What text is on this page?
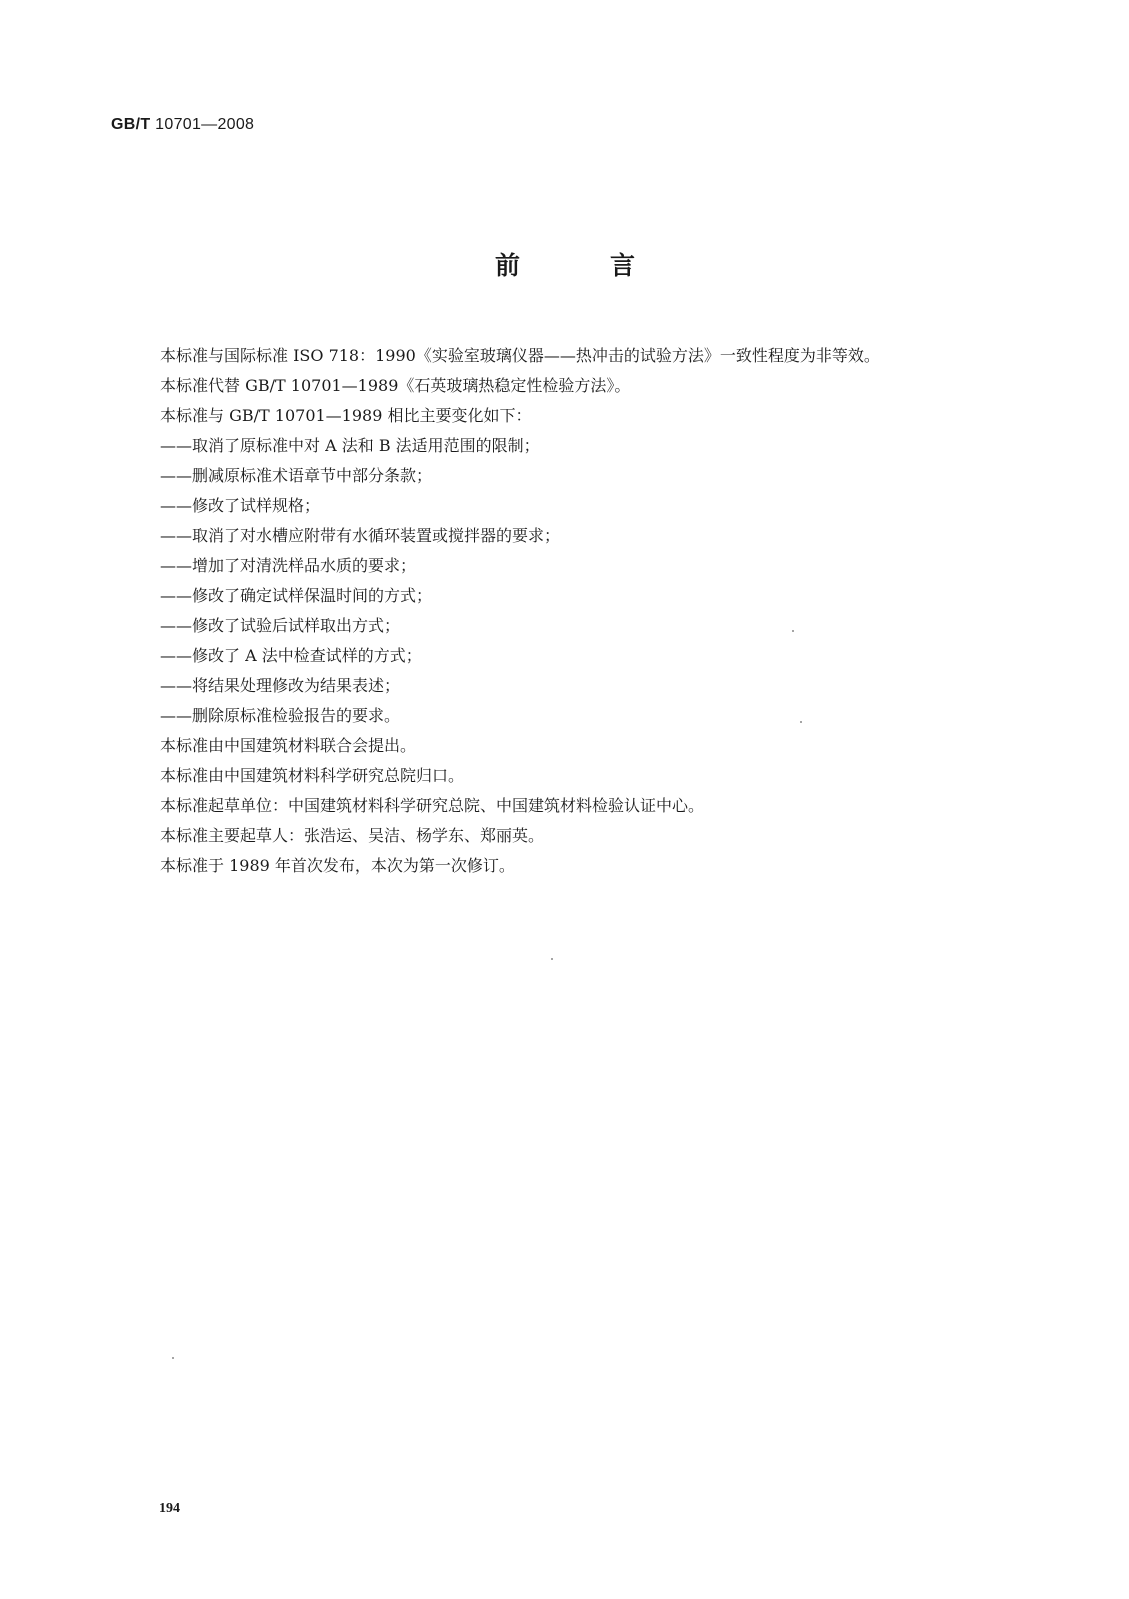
GB/T 10701—2008
前	言
本标准与国际标准 ISO 718：1990《实验室玻璃仪器——热冲击的试验方法》一致性程度为非等效。
本标准代替 GB/T 10701—1989《石英玻璃热稳定性检验方法》。
本标准与 GB/T 10701—1989 相比主要变化如下：
——取消了原标准中对 A 法和 B 法适用范围的限制；
——删减原标准术语章节中部分条款；
——修改了试样规格；
——取消了对水槽应附带有水循环装置或搅拌器的要求；
——增加了对清洗样品水质的要求；
——修改了确定试样保温时间的方式；
——修改了试验后试样取出方式；
——修改了 A 法中检查试样的方式；
——将结果处理修改为结果表述；
——删除原标准检验报告的要求。
本标准由中国建筑材料联合会提出。
本标准由中国建筑材料科学研究总院归口。
本标准起草单位：中国建筑材料科学研究总院、中国建筑材料检验认证中心。
本标准主要起草人：张浩运、吴洁、杨学东、郑丽英。
本标准于 1989 年首次发布，本次为第一次修订。
194
